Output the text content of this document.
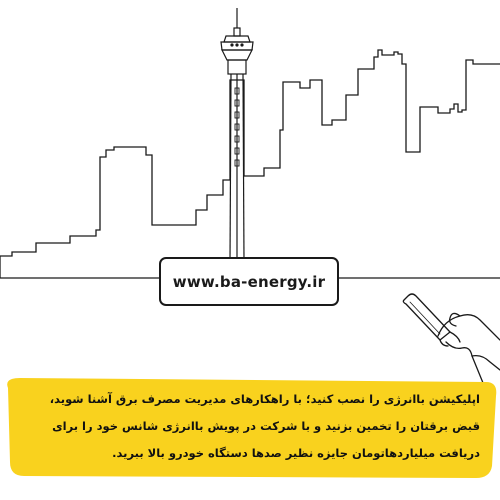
www.ba-energy.ir
اپلیکیشن باانرژی را نصب کنید؛ با راهکارهای مدیریت مصرف برق آشنا شوید،
قبض برقتان را تخمین بزنید و با شرکت در پویش باانرژی شانس خود را برای
دریافت میلیاردهاتومان جایزه نظیر صدها دستگاه خودرو بالا ببرید.
